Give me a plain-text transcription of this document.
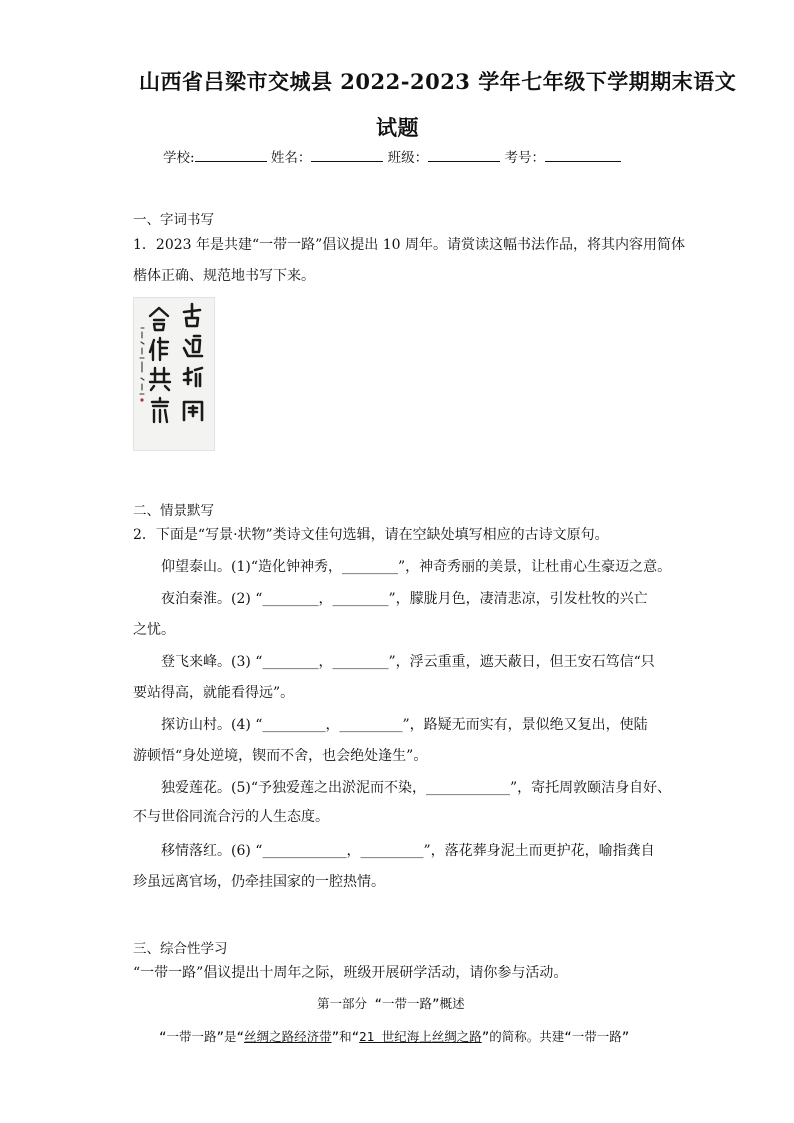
山西省吕梁市交城县 2022-2023 学年七年级下学期期末语文
试题
学校:	姓名：	班级：	考号：
一、字词书写
1．2023 年是共建“一带一路”倡议提出 10 周年。请赏读这幅书法作品，将其内容用简体
楷体正确、规范地书写下来。
二、情景默写
2．下面是“写景·状物”类诗文佳句选辑，请在空缺处填写相应的古诗文原句。
仰望泰山。(1)“造化钟神秀，________”，神奇秀丽的美景，让杜甫心生豪迈之意。
夜泊秦淮。(2) “________，________”，朦胧月色，凄清悲凉，引发杜牧的兴亡
之忧。
登飞来峰。(3) “________，________”，浮云重重，遮天蔽日，但王安石笃信“只
要站得高，就能看得远”。
探访山村。(4) “_________，_________”，路疑无而实有，景似绝又复出，使陆
游顿悟“身处逆境，锲而不舍，也会绝处逢生”。
独爱莲花。(5)“予独爱莲之出淤泥而不染，____________”，寄托周敦颐洁身自好、
不与世俗同流合污的人生态度。
移情落红。(6) “____________，_________”，落花葬身泥土而更护花，喻指龚自
珍虽远离官场，仍牵挂国家的一腔热情。
三、综合性学习
“一带一路”倡议提出十周年之际，班级开展研学活动，请你参与活动。
第一部分 “一带一路”概述
“一带一路”是“丝绸之路经济带”和“21 世纪海上丝绸之路”的简称。共建“一带一路”
